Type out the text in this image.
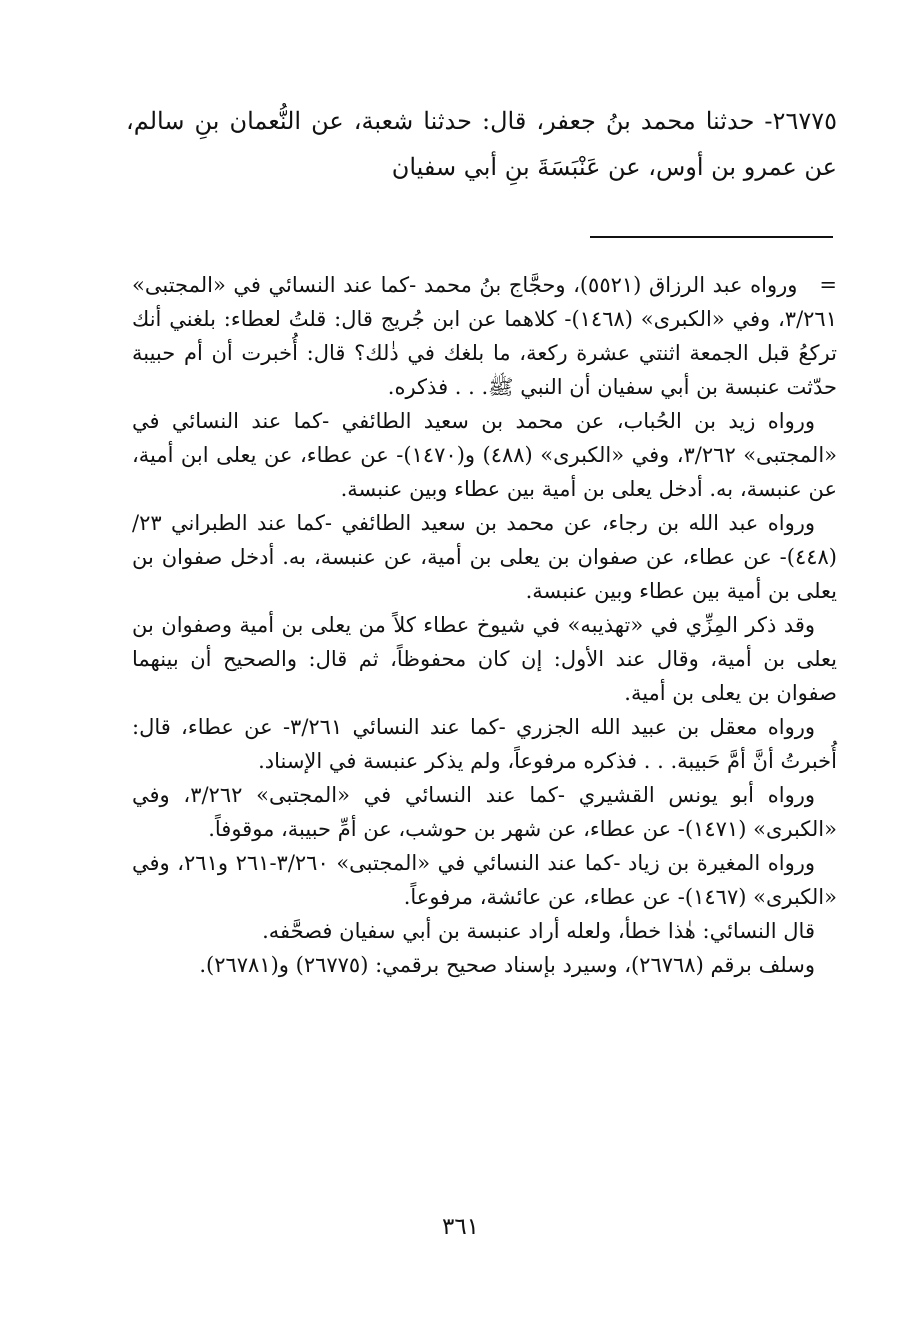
٢٦٧٧٥- حدثنا محمد بنُ جعفر، قال: حدثنا شعبة، عن النُّعمان بنِ سالم، عن عمرو بن أوس، عن عَنْبَسَةَ بنِ أبي سفيان

=ورواه عبد الرزاق (٥٥٢١)، وحجَّاج بنُ محمد -كما عند النسائي في «المجتبى» ٣/٢٦١، وفي «الكبرى» (١٤٦٨)- كلاهما عن ابن جُريج قال: قلتُ لعطاء: بلغني أنك تركعُ قبل الجمعة اثنتي عشرة ركعة، ما بلغك في ذٰلك؟ قال: أُخبرت أن أم حبيبة حدّثت عنبسة بن أبي سفيان أن النبي ﷺ. . . فذكره.

ورواه زيد بن الحُباب، عن محمد بن سعيد الطائفي -كما عند النسائي في «المجتبى» ٣/٢٦٢، وفي «الكبرى» (٤٨٨) و(١٤٧٠)- عن عطاء، عن يعلى ابن أمية، عن عنبسة، به. أدخل يعلى بن أمية بين عطاء وبين عنبسة.

ورواه عبد الله بن رجاء، عن محمد بن سعيد الطائفي -كما عند الطبراني ٢٣/ (٤٤٨)- عن عطاء، عن صفوان بن يعلى بن أمية، عن عنبسة، به. أدخل صفوان بن يعلى بن أمية بين عطاء وبين عنبسة.

وقد ذكر المِزِّي في «تهذيبه» في شيوخ عطاء كلاً من يعلى بن أمية وصفوان بن يعلى بن أمية، وقال عند الأول: إن كان محفوظاً، ثم قال: والصحيح أن بينهما صفوان بن يعلى بن أمية.

ورواه معقل بن عبيد الله الجزري -كما عند النسائي ٣/٢٦١- عن عطاء، قال: أُخبرتُ أنَّ أمَّ حَبيبة. . . فذكره مرفوعاً، ولم يذكر عنبسة في الإسناد.

ورواه أبو يونس القشيري -كما عند النسائي في «المجتبى» ٣/٢٦٢، وفي «الكبرى» (١٤٧١)- عن عطاء، عن شهر بن حوشب، عن أمِّ حبيبة، موقوفاً.

ورواه المغيرة بن زياد -كما عند النسائي في «المجتبى» ٣/٢٦٠-٢٦١ و٢٦١، وفي «الكبرى» (١٤٦٧)- عن عطاء، عن عائشة، مرفوعاً.

قال النسائي: هٰذا خطأ، ولعله أراد عنبسة بن أبي سفيان فصحَّفه.

وسلف برقم (٢٦٧٦٨)، وسيرد بإسناد صحيح برقمي: (٢٦٧٧٥) و(٢٦٧٨١).

٣٦١
